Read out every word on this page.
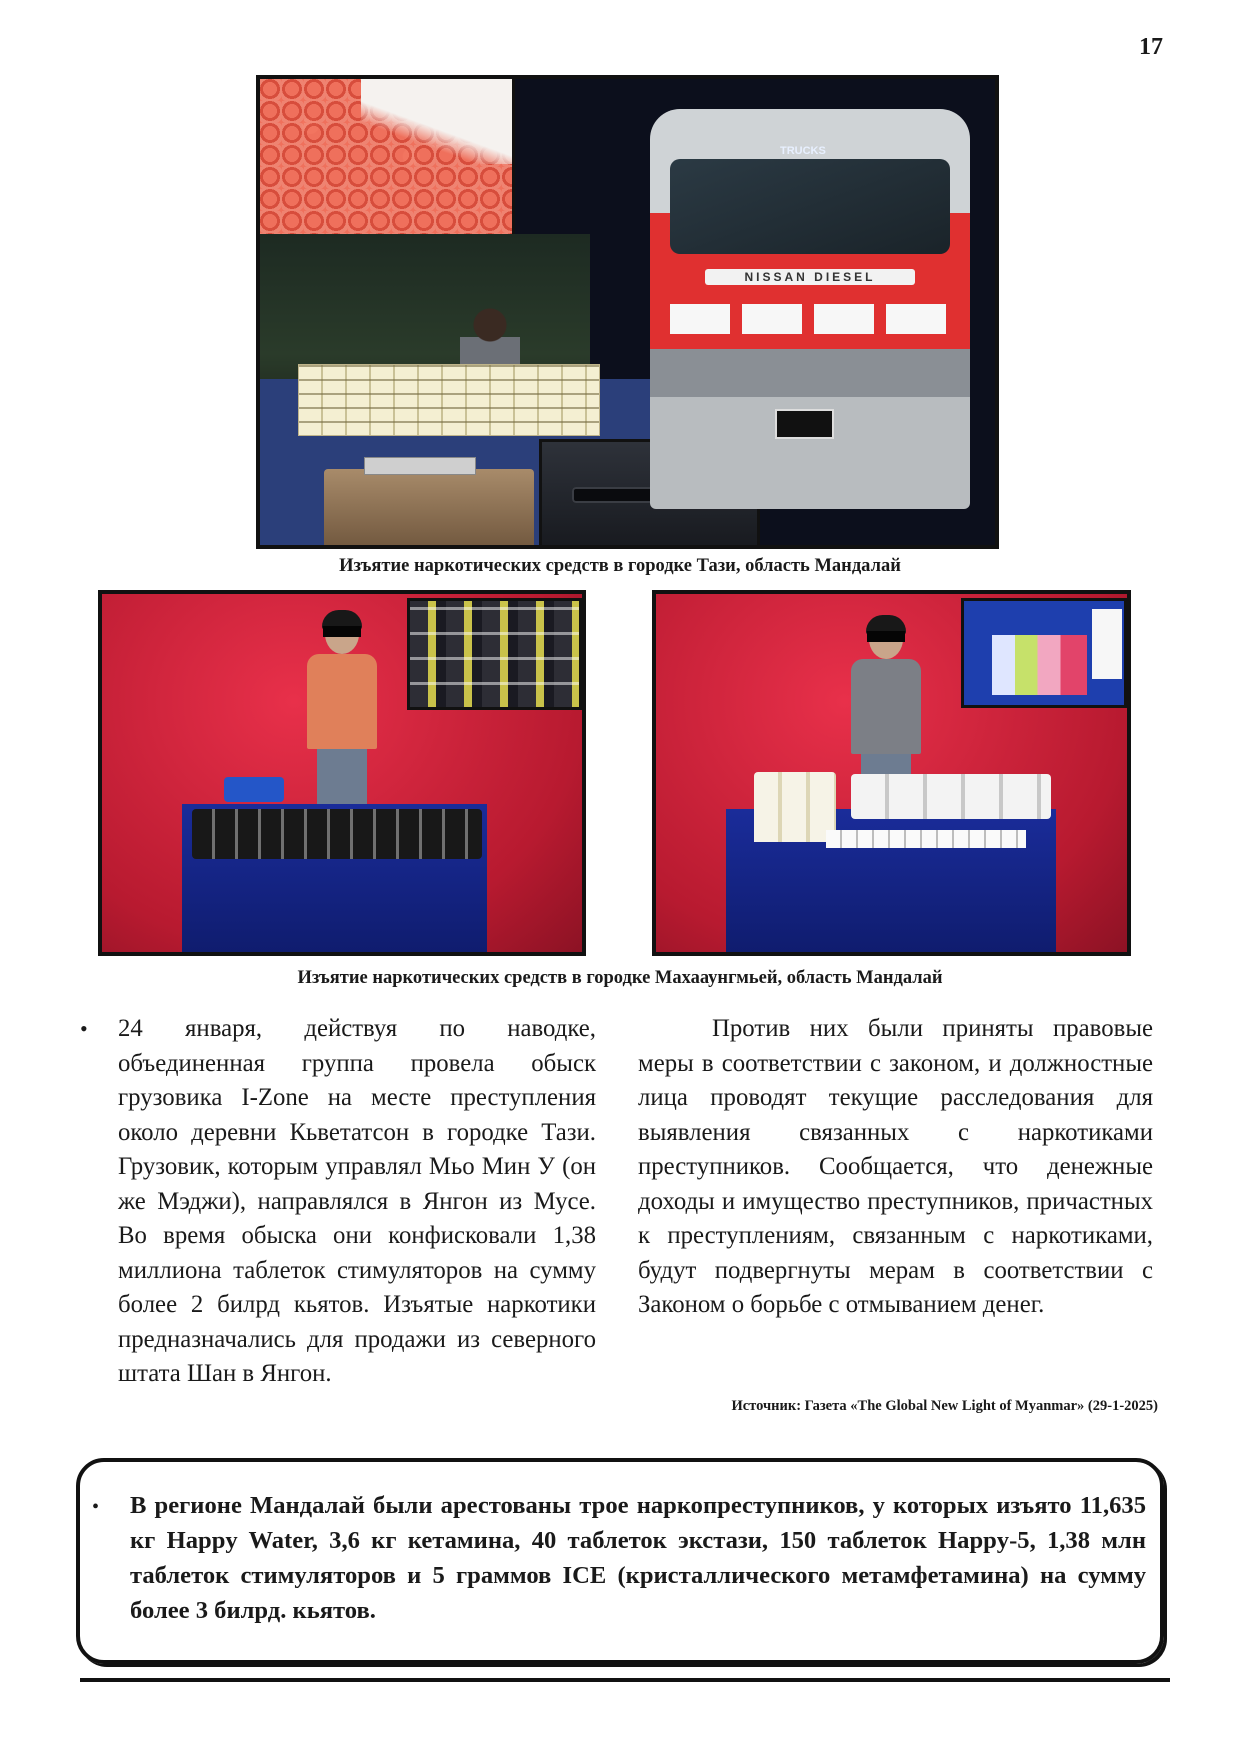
17
TRUCKS
NISSAN DIESEL
Изъятие наркотических средств в городке Тази, область Мандалай
Изъятие наркотических средств в городке Махааунгмьей, область Мандалай
• 24 января, действуя по наводке, объединенная группа провела обыск грузовика I-Zone на месте преступления около деревни Кьветатсон в городке Тази. Грузовик, которым управлял Мьо Мин У (он же Мэджи), направлялся в Янгон из Мусе. Во время обыска они конфисковали 1,38 миллиона таблеток стимуляторов на сумму более 2 билрд кьятов. Изъятые наркотики предназначались для продажи из северного штата Шан в Янгон.
Против них были приняты правовые меры в соответствии с законом, и должностные лица проводят текущие расследования для выявления связанных с наркотиками преступников. Сообщается, что денежные доходы и имущество преступников, причастных к преступлениям, связанным с наркотиками, будут подвергнуты мерам в соответствии с Законом о борьбе с отмыванием денег.
Источник: Газета «The Global New Light of Myanmar» (29-1-2025)
• В регионе Мандалай были арестованы трое наркопреступников, у которых изъято 11,635 кг Happy Water, 3,6 кг кетамина, 40 таблеток экстази, 150 таблеток Happy-5, 1,38 млн таблеток стимуляторов и 5 граммов ICE (кристаллического метамфетамина) на сумму более 3 билрд. кьятов.
